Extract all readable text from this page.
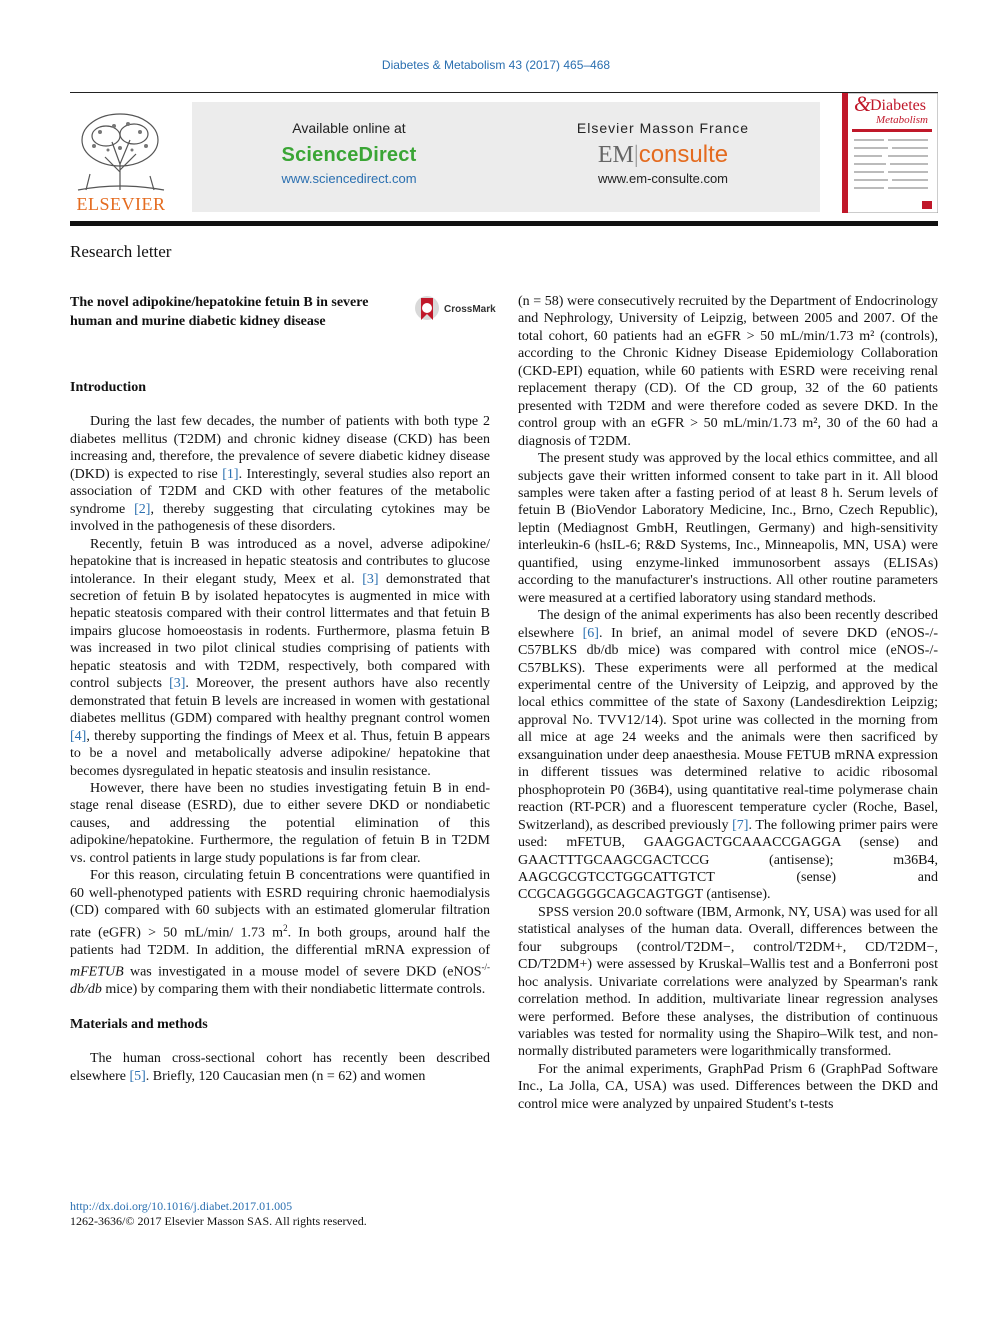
Diabetes & Metabolism 43 (2017) 465–468
ELSEVIER
Available online at
ScienceDirect
www.sciencedirect.com
Elsevier Masson France
EM|consulte
www.em-consulte.com
&
Diabetes
Metabolism
Research letter
The novel adipokine/hepatokine fetuin B in severe human and murine diabetic kidney disease
CrossMark
Introduction

During the last few decades, the number of patients with both type 2 diabetes mellitus (T2DM) and chronic kidney disease (CKD) has been increasing and, therefore, the prevalence of severe diabetic kidney disease (DKD) is expected to rise [1]. Interestingly, several studies also report an association of T2DM and CKD with other features of the metabolic syndrome [2], thereby suggesting that circulating cytokines may be involved in the pathogenesis of these disorders.

Recently, fetuin B was introduced as a novel, adverse adipokine/ hepatokine that is increased in hepatic steatosis and contributes to glucose intolerance. In their elegant study, Meex et al. [3] demonstrated that secretion of fetuin B by isolated hepatocytes is augmented in mice with hepatic steatosis compared with their control littermates and that fetuin B impairs glucose homoeostasis in rodents. Furthermore, plasma fetuin B was increased in two pilot clinical studies comprising of patients with hepatic steatosis and with T2DM, respectively, both compared with control subjects [3]. Moreover, the present authors have also recently demonstrated that fetuin B levels are increased in women with gestational diabetes mellitus (GDM) compared with healthy pregnant control women [4], thereby supporting the findings of Meex et al. Thus, fetuin B appears to be a novel and metabolically adverse adipokine/ hepatokine that becomes dysregulated in hepatic steatosis and insulin resistance.

However, there have been no studies investigating fetuin B in end-stage renal disease (ESRD), due to either severe DKD or nondiabetic causes, and addressing the potential elimination of this adipokine/hepatokine. Furthermore, the regulation of fetuin B in T2DM vs. control patients in large study populations is far from clear.

For this reason, circulating fetuin B concentrations were quantified in 60 well-phenotyped patients with ESRD requiring chronic haemodialysis (CD) compared with 60 subjects with an estimated glomerular filtration rate (eGFR) > 50 mL/min/ 1.73 $m^2$. In both groups, around half the patients had T2DM. In addition, the differential mRNA expression of mFETUB was investigated in a mouse model of severe DKD (eNOS-/- db/db mice) by comparing them with their nondiabetic littermate controls.

Materials and methods

The human cross-sectional cohort has recently been described elsewhere [5]. Briefly, 120 Caucasian men (n = 62) and women

(n = 58) were consecutively recruited by the Department of Endocrinology and Nephrology, University of Leipzig, between 2005 and 2007. Of the total cohort, 60 patients had an eGFR > 50 mL/min/1.73 m² (controls), according to the Chronic Kidney Disease Epidemiology Collaboration (CKD-EPI) equation, while 60 patients with ESRD were receiving renal replacement therapy (CD). Of the CD group, 32 of the 60 patients presented with T2DM and were therefore coded as severe DKD. In the control group with an eGFR > 50 mL/min/1.73 m², 30 of the 60 had a diagnosis of T2DM.

The present study was approved by the local ethics committee, and all subjects gave their written informed consent to take part in it. All blood samples were taken after a fasting period of at least 8 h. Serum levels of fetuin B (BioVendor Laboratory Medicine, Inc., Brno, Czech Republic), leptin (Mediagnost GmbH, Reutlingen, Germany) and high-sensitivity interleukin-6 (hsIL-6; R&D Systems, Inc., Minneapolis, MN, USA) were quantified, using enzyme-linked immunosorbent assays (ELISAs) according to the manufacturer's instructions. All other routine parameters were measured at a certified laboratory using standard methods.

The design of the animal experiments has also been recently described elsewhere [6]. In brief, an animal model of severe DKD (eNOS-/- C57BLKS db/db mice) was compared with control mice (eNOS-/- C57BLKS). These experiments were all performed at the medical experimental centre of the University of Leipzig, and approved by the local ethics committee of the state of Saxony (Landesdirektion Leipzig; approval No. TVV12/14). Spot urine was collected in the morning from all mice at age 24 weeks and the animals were then sacrificed by exsanguination under deep anaesthesia. Mouse FETUB mRNA expression in different tissues was determined relative to acidic ribosomal phosphoprotein P0 (36B4), using quantitative real-time polymerase chain reaction (RT-PCR) and a fluorescent temperature cycler (Roche, Basel, Switzerland), as described previously [7]. The following primer pairs were used: mFETUB, GAAGGACTGCAAACCGAGGA (sense) and GAACTTTGCAAGCGACTCCG (antisense); m36B4, AAGCGCGTCCTGGCATTGTCT (sense) and CCGCAGGGGCAGCAGTGGT (antisense).

SPSS version 20.0 software (IBM, Armonk, NY, USA) was used for all statistical analyses of the human data. Overall, differences between the four subgroups (control/T2DM−, control/T2DM+, CD/T2DM−, CD/T2DM+) were assessed by Kruskal–Wallis test and a Bonferroni post hoc analysis. Univariate correlations were analyzed by Spearman's rank correlation method. In addition, multivariate linear regression analyses were performed. Before these analyses, the distribution of continuous variables was tested for normality using the Shapiro–Wilk test, and non-normally distributed parameters were logarithmically transformed.

For the animal experiments, GraphPad Prism 6 (GraphPad Software Inc., La Jolla, CA, USA) was used. Differences between the DKD and control mice were analyzed by unpaired Student's t-tests

http://dx.doi.org/10.1016/j.diabet.2017.01.005
1262-3636/© 2017 Elsevier Masson SAS. All rights reserved.
